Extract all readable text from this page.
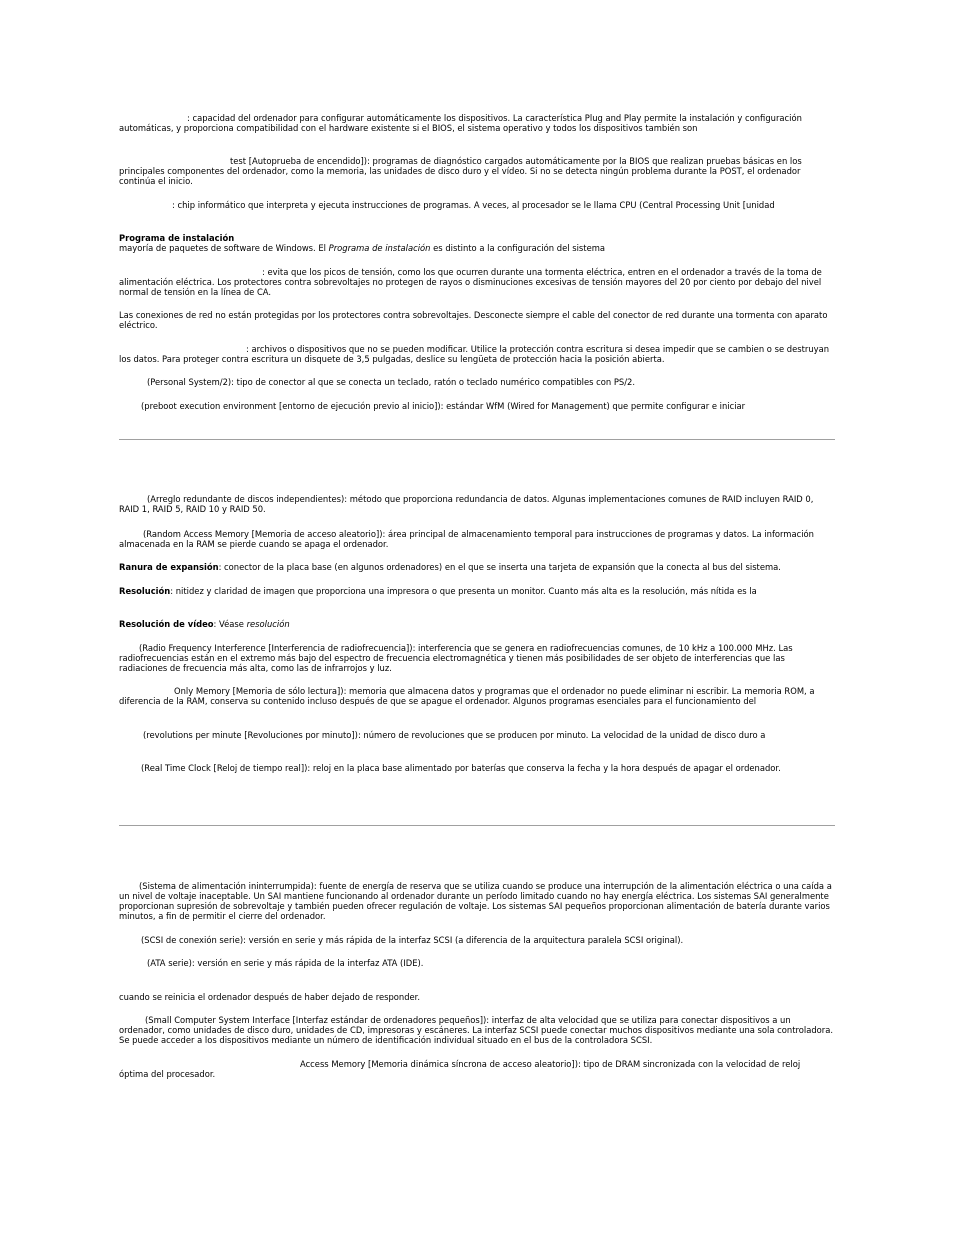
: capacidad del ordenador para configurar automáticamente los dispositivos. La característica Plug and Play permite la instalación y configuración automáticas, y proporciona compatibilidad con el hardware existente si el BIOS, el sistema operativo y todos los dispositivos también son

test [Autoprueba de encendido]): programas de diagnóstico cargados automáticamente por la BIOS que realizan pruebas básicas en los principales componentes del ordenador, como la memoria, las unidades de disco duro y el vídeo. Si no se detecta ningún problema durante la POST, el ordenador continúa el inicio.

: chip informático que interpreta y ejecuta instrucciones de programas. A veces, al procesador se le llama CPU (Central Processing Unit [unidad

Programa de instalación
mayoría de paquetes de software de Windows. El Programa de instalación es distinto a la configuración del sistema

: evita que los picos de tensión, como los que ocurren durante una tormenta eléctrica, entren en el ordenador a través de la toma de alimentación eléctrica. Los protectores contra sobrevoltajes no protegen de rayos o disminuciones excesivas de tensión mayores del 20 por ciento por debajo del nivel normal de tensión en la línea de CA.

Las conexiones de red no están protegidas por los protectores contra sobrevoltajes. Desconecte siempre el cable del conector de red durante una tormenta con aparato eléctrico.

: archivos o dispositivos que no se pueden modificar. Utilice la protección contra escritura si desea impedir que se cambien o se destruyan los datos. Para proteger contra escritura un disquete de 3,5 pulgadas, deslice su lengüeta de protección hacia la posición abierta.

(Personal System/2): tipo de conector al que se conecta un teclado, ratón o teclado numérico compatibles con PS/2.

(preboot execution environment [entorno de ejecución previo al inicio]): estándar WfM (Wired for Management) que permite configurar e iniciar

(Arreglo redundante de discos independientes): método que proporciona redundancia de datos. Algunas implementaciones comunes de RAID incluyen RAID 0, RAID 1, RAID 5, RAID 10 y RAID 50.

(Random Access Memory [Memoria de acceso aleatorio]): área principal de almacenamiento temporal para instrucciones de programas y datos. La información almacenada en la RAM se pierde cuando se apaga el ordenador.

Ranura de expansión: conector de la placa base (en algunos ordenadores) en el que se inserta una tarjeta de expansión que la conecta al bus del sistema.

Resolución: nitidez y claridad de imagen que proporciona una impresora o que presenta un monitor. Cuanto más alta es la resolución, más nítida es la

Resolución de vídeo: Véase resolución

(Radio Frequency Interference [Interferencia de radiofrecuencia]): interferencia que se genera en radiofrecuencias comunes, de 10 kHz a 100.000 MHz. Las radiofrecuencias están en el extremo más bajo del espectro de frecuencia electromagnética y tienen más posibilidades de ser objeto de interferencias que las radiaciones de frecuencia más alta, como las de infrarrojos y luz.

Only Memory [Memoria de sólo lectura]): memoria que almacena datos y programas que el ordenador no puede eliminar ni escribir. La memoria ROM, a diferencia de la RAM, conserva su contenido incluso después de que se apague el ordenador. Algunos programas esenciales para el funcionamiento del

(revolutions per minute [Revoluciones por minuto]): número de revoluciones que se producen por minuto. La velocidad de la unidad de disco duro a

(Real Time Clock [Reloj de tiempo real]): reloj en la placa base alimentado por baterías que conserva la fecha y la hora después de apagar el ordenador.

(Sistema de alimentación ininterrumpida): fuente de energía de reserva que se utiliza cuando se produce una interrupción de la alimentación eléctrica o una caída a un nivel de voltaje inaceptable. Un SAI mantiene funcionando al ordenador durante un período limitado cuando no hay energía eléctrica. Los sistemas SAI generalmente proporcionan supresión de sobrevoltaje y también pueden ofrecer regulación de voltaje. Los sistemas SAI pequeños proporcionan alimentación de batería durante varios minutos, a fin de permitir el cierre del ordenador.

(SCSI de conexión serie): versión en serie y más rápida de la interfaz SCSI (a diferencia de la arquitectura paralela SCSI original).

(ATA serie): versión en serie y más rápida de la interfaz ATA (IDE).

cuando se reinicia el ordenador después de haber dejado de responder.

(Small Computer System Interface [Interfaz estándar de ordenadores pequeños]): interfaz de alta velocidad que se utiliza para conectar dispositivos a un ordenador, como unidades de disco duro, unidades de CD, impresoras y escáneres. La interfaz SCSI puede conectar muchos dispositivos mediante una sola controladora. Se puede acceder a los dispositivos mediante un número de identificación individual situado en el bus de la controladora SCSI.

Access Memory [Memoria dinámica síncrona de acceso aleatorio]): tipo de DRAM sincronizada con la velocidad de reloj
óptima del procesador.
